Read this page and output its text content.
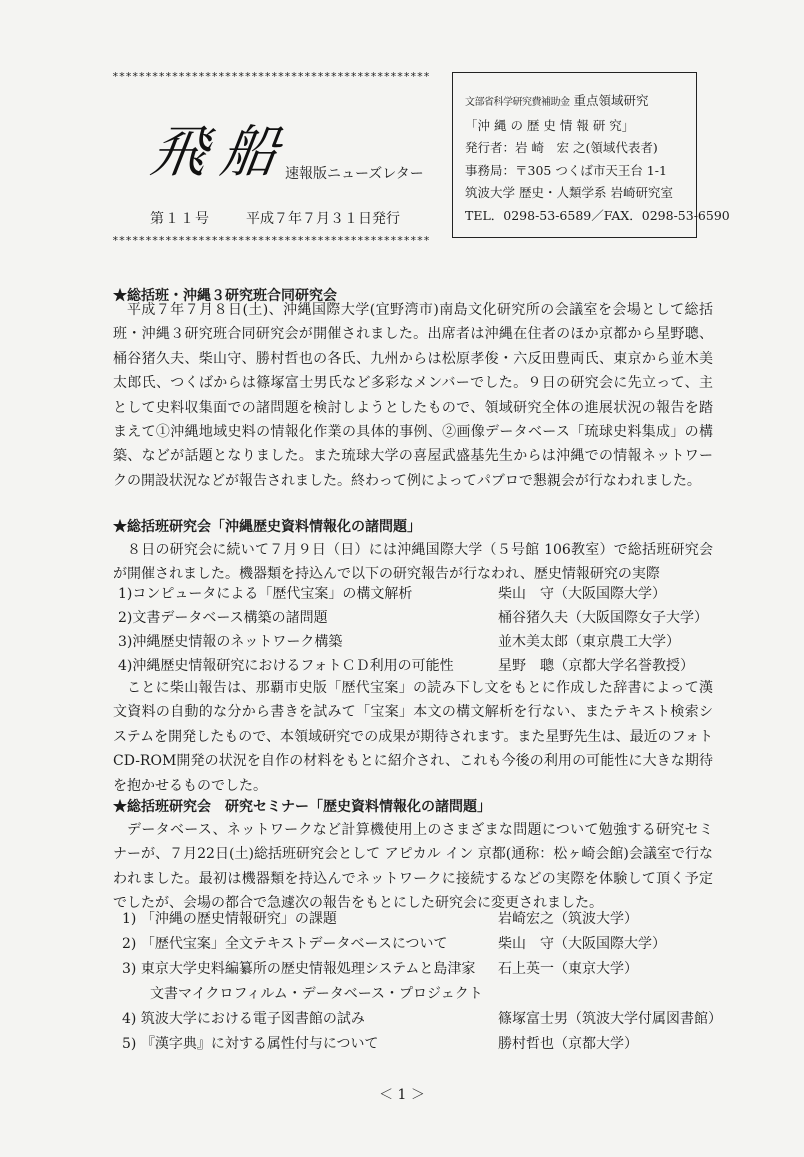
************************************************
飛船
速報版ニューズレター
第１１号	平成７年７月３１日発行
************************************************
文部省科学研究費補助金 重点領域研究
「沖 縄 の 歴 史 情 報 研 究」
発行者：岩 崎　宏 之(領域代表者)
事務局：〒305 つくば市天王台 1-1
筑波大学 歴史・人類学系 岩崎研究室
TEL．0298-53-6589／FAX．0298-53-6590
★総括班・沖縄３研究班合同研究会

平成７年７月８日(土)、沖縄国際大学(宜野湾市)南島文化研究所の会議室を会場として総括班・沖縄３研究班合同研究会が開催されました。出席者は沖縄在住者のほか京都から星野聰、桶谷猪久夫、柴山守、勝村哲也の各氏、九州からは松原孝俊・六反田豊両氏、東京から並木美太郎氏、つくばからは篠塚富士男氏など多彩なメンバーでした。９日の研究会に先立って、主として史料収集面での諸問題を検討しようとしたもので、領域研究全体の進展状況の報告を踏まえて①沖縄地域史料の情報化作業の具体的事例、②画像データベース「琉球史料集成」の構築、などが話題となりました。また琉球大学の喜屋武盛基先生からは沖縄での情報ネットワークの開設状況などが報告されました。終わって例によってパブロで懇親会が行なわれました。

★総括班研究会「沖縄歴史資料情報化の諸問題」

８日の研究会に続いて７月９日（日）には沖縄国際大学（５号館 106教室）で総括班研究会が開催されました。機器類を持込んで以下の研究報告が行なわれ、歴史情報研究の実際

1)コンピュータによる「歴代宝案」の構文解析	柴山　守（大阪国際大学）
2)文書データベース構築の諸問題	桶谷猪久夫（大阪国際女子大学）
3)沖縄歴史情報のネットワーク構築	並木美太郎（東京農工大学）
4)沖縄歴史情報研究におけるフォトＣＤ利用の可能性	星野　聰（京都大学名誉教授）

ことに柴山報告は、那覇市史版「歴代宝案」の読み下し文をもとに作成した辞書によって漢文資料の自動的な分から書きを試みて「宝案」本文の構文解析を行ない、またテキスト検索システムを開発したもので、本領域研究での成果が期待されます。また星野先生は、最近のフォトCD-ROM開発の状況を自作の材料をもとに紹介され、これも今後の利用の可能性に大きな期待を抱かせるものでした。

★総括班研究会　研究セミナー「歴史資料情報化の諸問題」

データベース、ネットワークなど計算機使用上のさまざまな問題について勉強する研究セミナーが、７月22日(土)総括班研究会として アピカル イン 京都(通称：松ヶ崎会館)会議室で行なわれました。最初は機器類を持込んでネットワークに接続するなどの実際を体験して頂く予定でしたが、会場の都合で急遽次の報告をもとにした研究会に変更されました。

1) 「沖縄の歴史情報研究」の課題	岩崎宏之（筑波大学）
2) 「歴代宝案」全文テキストデータベースについて	柴山　守（大阪国際大学）
3) 東京大学史料編纂所の歴史情報処理システムと島津家 石上英一（東京大学）
　　文書マイクロフィルム・データベース・プロジェクト
4) 筑波大学における電子図書館の試み	篠塚富士男（筑波大学付属図書館）
5) 『漢字典』に対する属性付与について	勝村哲也（京都大学）
＜ 1 ＞
